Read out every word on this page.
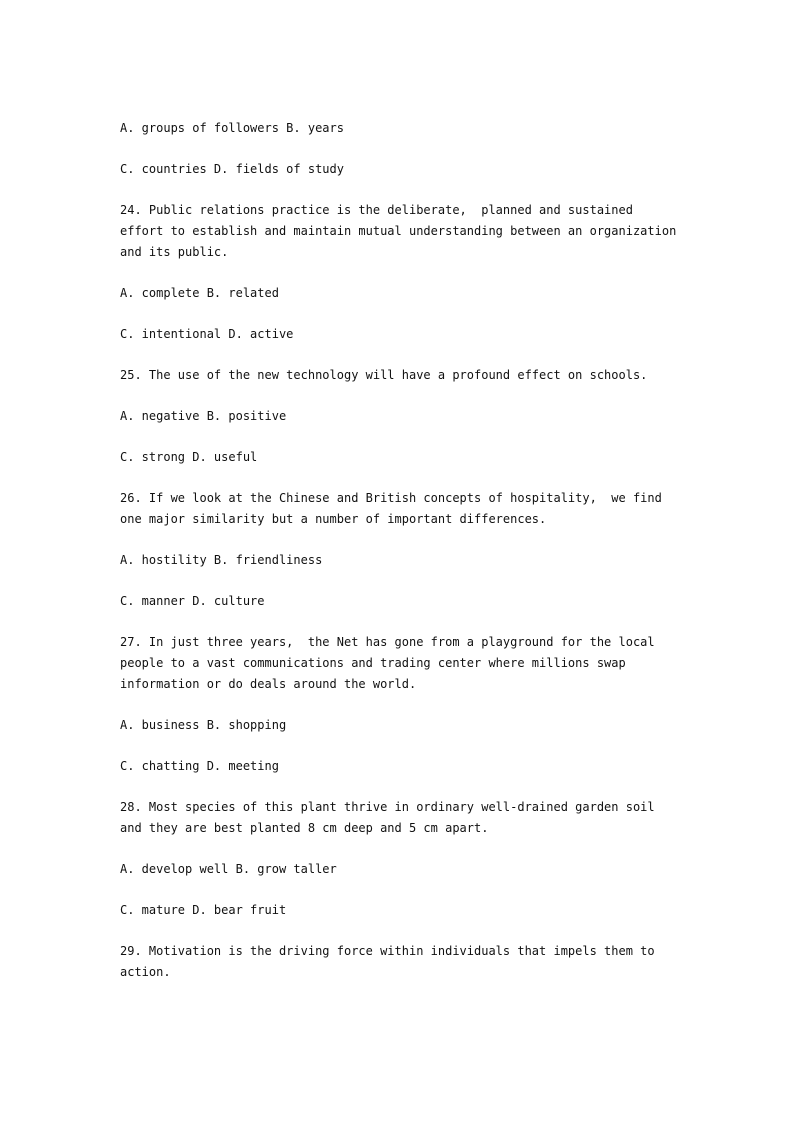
A. groups of followers B. years

C. countries D. fields of study

24. Public relations practice is the deliberate,  planned and sustained effort to establish and maintain mutual understanding between an organization and its public.

A. complete B. related

C. intentional D. active

25. The use of the new technology will have a profound effect on schools.

A. negative B. positive

C. strong D. useful

26. If we look at the Chinese and British concepts of hospitality,  we find one major similarity but a number of important differences.

A. hostility B. friendliness

C. manner D. culture

27. In just three years,  the Net has gone from a playground for the local people to a vast communications and trading center where millions swap information or do deals around the world.

A. business B. shopping

C. chatting D. meeting

28. Most species of this plant thrive in ordinary well-drained garden soil and they are best planted 8 cm deep and 5 cm apart.

A. develop well B. grow taller

C. mature D. bear fruit

29. Motivation is the driving force within individuals that impels them to action.
